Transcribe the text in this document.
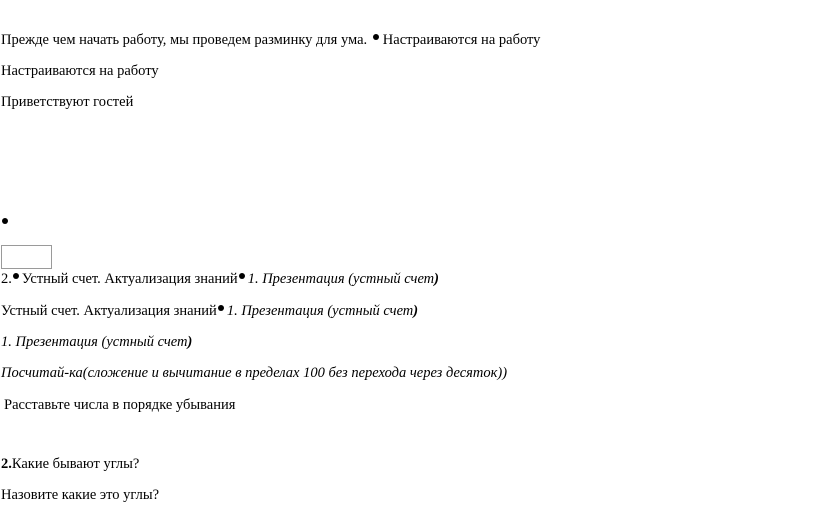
Прежде чем начать работу, мы проведем разминку для ума. Настраиваются на работу
Настраиваются на работу
Приветствуют гостей
2. Устный счет. Актуализация знаний 1. Презентация (устный счет)
Устный счет. Актуализация знаний 1. Презентация (устный счет)
1. Презентация (устный счет)
Посчитай-ка(сложение и вычитание в пределах 100 без перехода через десяток))
Расставьте числа в порядке убывания
2.Какие бывают углы?
Назовите какие это углы?
